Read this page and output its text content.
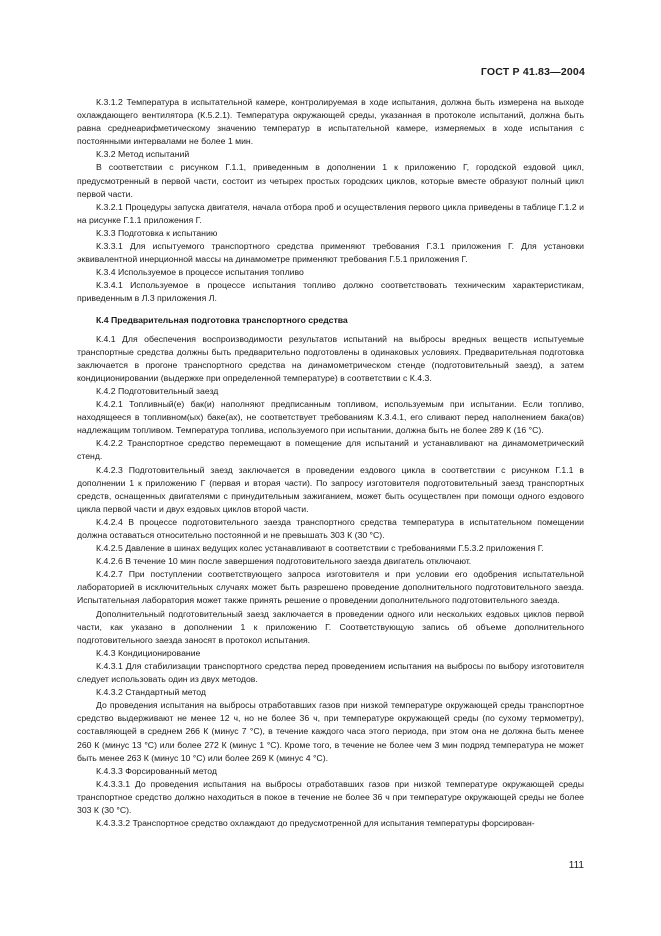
ГОСТ Р 41.83—2004

К.3.1.2 Температура в испытательной камере, контролируемая в ходе испытания, должна быть измерена на выходе охлаждающего вентилятора (К.5.2.1). Температура окружающей среды, указанная в протоколе испытаний, должна быть равна среднеарифметическому значению температур в испытательной камере, измеряемых в ходе испытания с постоянными интервалами не более 1 мин.

К.3.2 Метод испытаний

В соответствии с рисунком Г.1.1, приведенным в дополнении 1 к приложению Г, городской ездовой цикл, предусмотренный в первой части, состоит из четырех простых городских циклов, которые вместе образуют полный цикл первой части.

К.3.2.1 Процедуры запуска двигателя, начала отбора проб и осуществления первого цикла приведены в таблице Г.1.2 и на рисунке Г.1.1 приложения Г.

К.3.3 Подготовка к испытанию

К.3.3.1 Для испытуемого транспортного средства применяют требования Г.3.1 приложения Г. Для установки эквивалентной инерционной массы на динамометре применяют требования Г.5.1 приложения Г.

К.3.4 Используемое в процессе испытания топливо

К.3.4.1 Используемое в процессе испытания топливо должно соответствовать техническим характеристикам, приведенным в Л.3 приложения Л.

К.4 Предварительная подготовка транспортного средства

К.4.1 Для обеспечения воспроизводимости результатов испытаний на выбросы вредных веществ испытуемые транспортные средства должны быть предварительно подготовлены в одинаковых условиях. Предварительная подготовка заключается в прогоне транспортного средства на динамометрическом стенде (подготовительный заезд), а затем кондиционировании (выдержке при определенной температуре) в соответствии с К.4.3.

К.4.2 Подготовительный заезд

К.4.2.1 Топливный(е) бак(и) наполняют предписанным топливом, используемым при испытании. Если топливо, находящееся в топливном(ых) баке(ах), не соответствует требованиям К.3.4.1, его сливают перед наполнением бака(ов) надлежащим топливом. Температура топлива, используемого при испытании, должна быть не более 289 К (16 °С).

К.4.2.2 Транспортное средство перемещают в помещение для испытаний и устанавливают на динамометрический стенд.

К.4.2.3 Подготовительный заезд заключается в проведении ездового цикла в соответствии с рисунком Г.1.1 в дополнении 1 к приложению Г (первая и вторая части). По запросу изготовителя подготовительный заезд транспортных средств, оснащенных двигателями с принудительным зажиганием, может быть осуществлен при помощи одного ездового цикла первой части и двух ездовых циклов второй части.

К.4.2.4 В процессе подготовительного заезда транспортного средства температура в испытательном помещении должна оставаться относительно постоянной и не превышать 303 К (30 °С).

К.4.2.5 Давление в шинах ведущих колес устанавливают в соответствии с требованиями Г.5.3.2 приложения Г.

К.4.2.6 В течение 10 мин после завершения подготовительного заезда двигатель отключают.

К.4.2.7 При поступлении соответствующего запроса изготовителя и при условии его одобрения испытательной лабораторией в исключительных случаях может быть разрешено проведение дополнительного подготовительного заезда. Испытательная лаборатория может также принять решение о проведении дополнительного подготовительного заезда.

Дополнительный подготовительный заезд заключается в проведении одного или нескольких ездовых циклов первой части, как указано в дополнении 1 к приложению Г. Соответствующую запись об объеме дополнительного подготовительного заезда заносят в протокол испытания.

К.4.3 Кондиционирование

К.4.3.1 Для стабилизации транспортного средства перед проведением испытания на выбросы по выбору изготовителя следует использовать один из двух методов.

К.4.3.2 Стандартный метод

До проведения испытания на выбросы отработавших газов при низкой температуре окружающей среды транспортное средство выдерживают не менее 12 ч, но не более 36 ч, при температуре окружающей среды (по сухому термометру), составляющей в среднем 266 К (минус 7 °С), в течение каждого часа этого периода, при этом она не должна быть менее 260 К (минус 13 °С) или более 272 К (минус 1 °С). Кроме того, в течение не более чем 3 мин подряд температура не может быть менее 263 К (минус 10 °С) или более 269 К (минус 4 °С).

К.4.3.3 Форсированный метод

К.4.3.3.1 До проведения испытания на выбросы отработавших газов при низкой температуре окружающей среды транспортное средство должно находиться в покое в течение не более 36 ч при температуре окружающей среды не более 303 К (30 °С).

К.4.3.3.2 Транспортное средство охлаждают до предусмотренной для испытания температуры форсирован-

111
